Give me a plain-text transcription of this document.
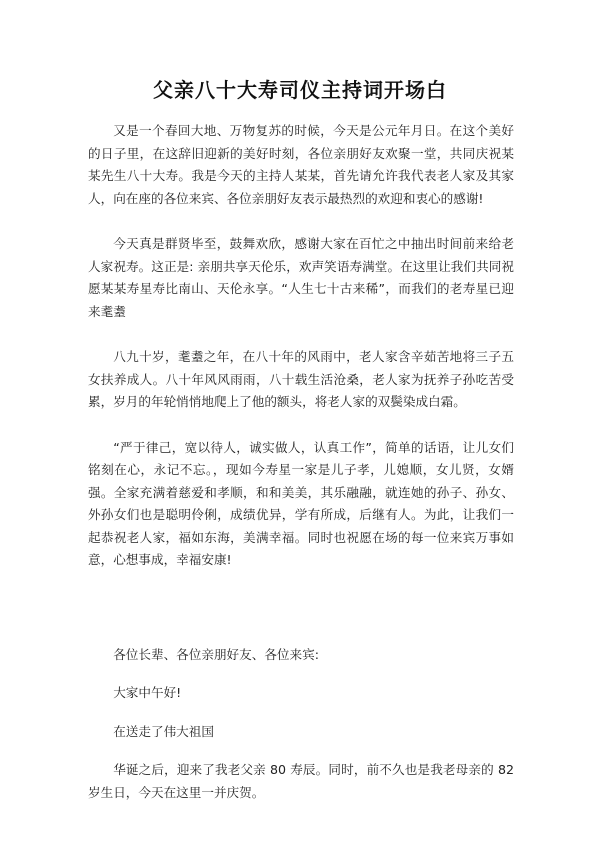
父亲八十大寿司仪主持词开场白

又是一个春回大地、万物复苏的时候，今天是公元年月日。在这个美好的日子里，在这辞旧迎新的美好时刻，各位亲朋好友欢聚一堂，共同庆祝某某先生八十大寿。我是今天的主持人某某，首先请允许我代表老人家及其家人，向在座的各位来宾、各位亲朋好友表示最热烈的欢迎和衷心的感谢!

今天真是群贤毕至，鼓舞欢欣，感谢大家在百忙之中抽出时间前来给老人家祝寿。这正是: 亲朋共享天伦乐，欢声笑语寿满堂。在这里让我们共同祝愿某某寿星寿比南山、天伦永享。“人生七十古来稀”，而我们的老寿星已迎来耄耋

八九十岁，耄耋之年，在八十年的风雨中，老人家含辛茹苦地将三子五女扶养成人。八十年风风雨雨，八十载生活沧桑，老人家为抚养子孙吃苦受累，岁月的年轮悄悄地爬上了他的额头，将老人家的双鬓染成白霜。

“严于律己，宽以待人，诚实做人，认真工作”，简单的话语，让儿女们铭刻在心，永记不忘。，现如今寿星一家是儿子孝，儿媳顺，女儿贤，女婿强。全家充满着慈爱和孝顺，和和美美，其乐融融，就连她的孙子、孙女、外孙女们也是聪明伶俐，成绩优异，学有所成，后继有人。为此，让我们一起恭祝老人家，福如东海，美满幸福。同时也祝愿在场的每一位来宾万事如意，心想事成，幸福安康!

各位长辈、各位亲朋好友、各位来宾:

大家中午好!

在送走了伟大祖国

华诞之后，迎来了我老父亲 80 寿辰。同时，前不久也是我老母亲的 82 岁生日，今天在这里一并庆贺。
